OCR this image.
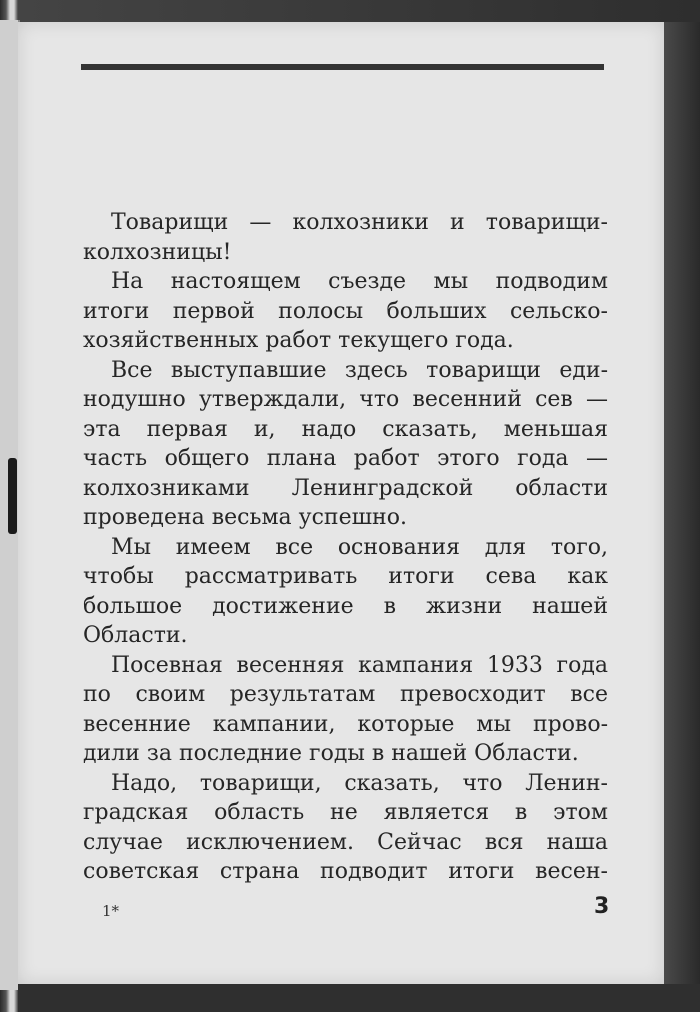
Товарищи — колхозники и товарищи-
колхозницы!

На настоящем съезде мы подводим
итоги первой полосы больших сельско-
хозяйственных работ текущего года.

Все выступавшие здесь товарищи еди-
нодушно утверждали, что весенний сев —
эта первая и, надо сказать, меньшая
часть общего плана работ этого года —
колхозниками Ленинградской области
проведена весьма успешно.

Мы имеем все основания для того,
чтобы рассматривать итоги сева как
большое достижение в жизни нашей
Области.

Посевная весенняя кампания 1933 года
по своим результатам превосходит все
весенние кампании, которые мы прово-
дили за последние годы в нашей Области.

Надо, товарищи, сказать, что Ленин-
градская область не является в этом
случае исключением. Сейчас вся наша
советская страна подводит итоги весен-

1*	3
